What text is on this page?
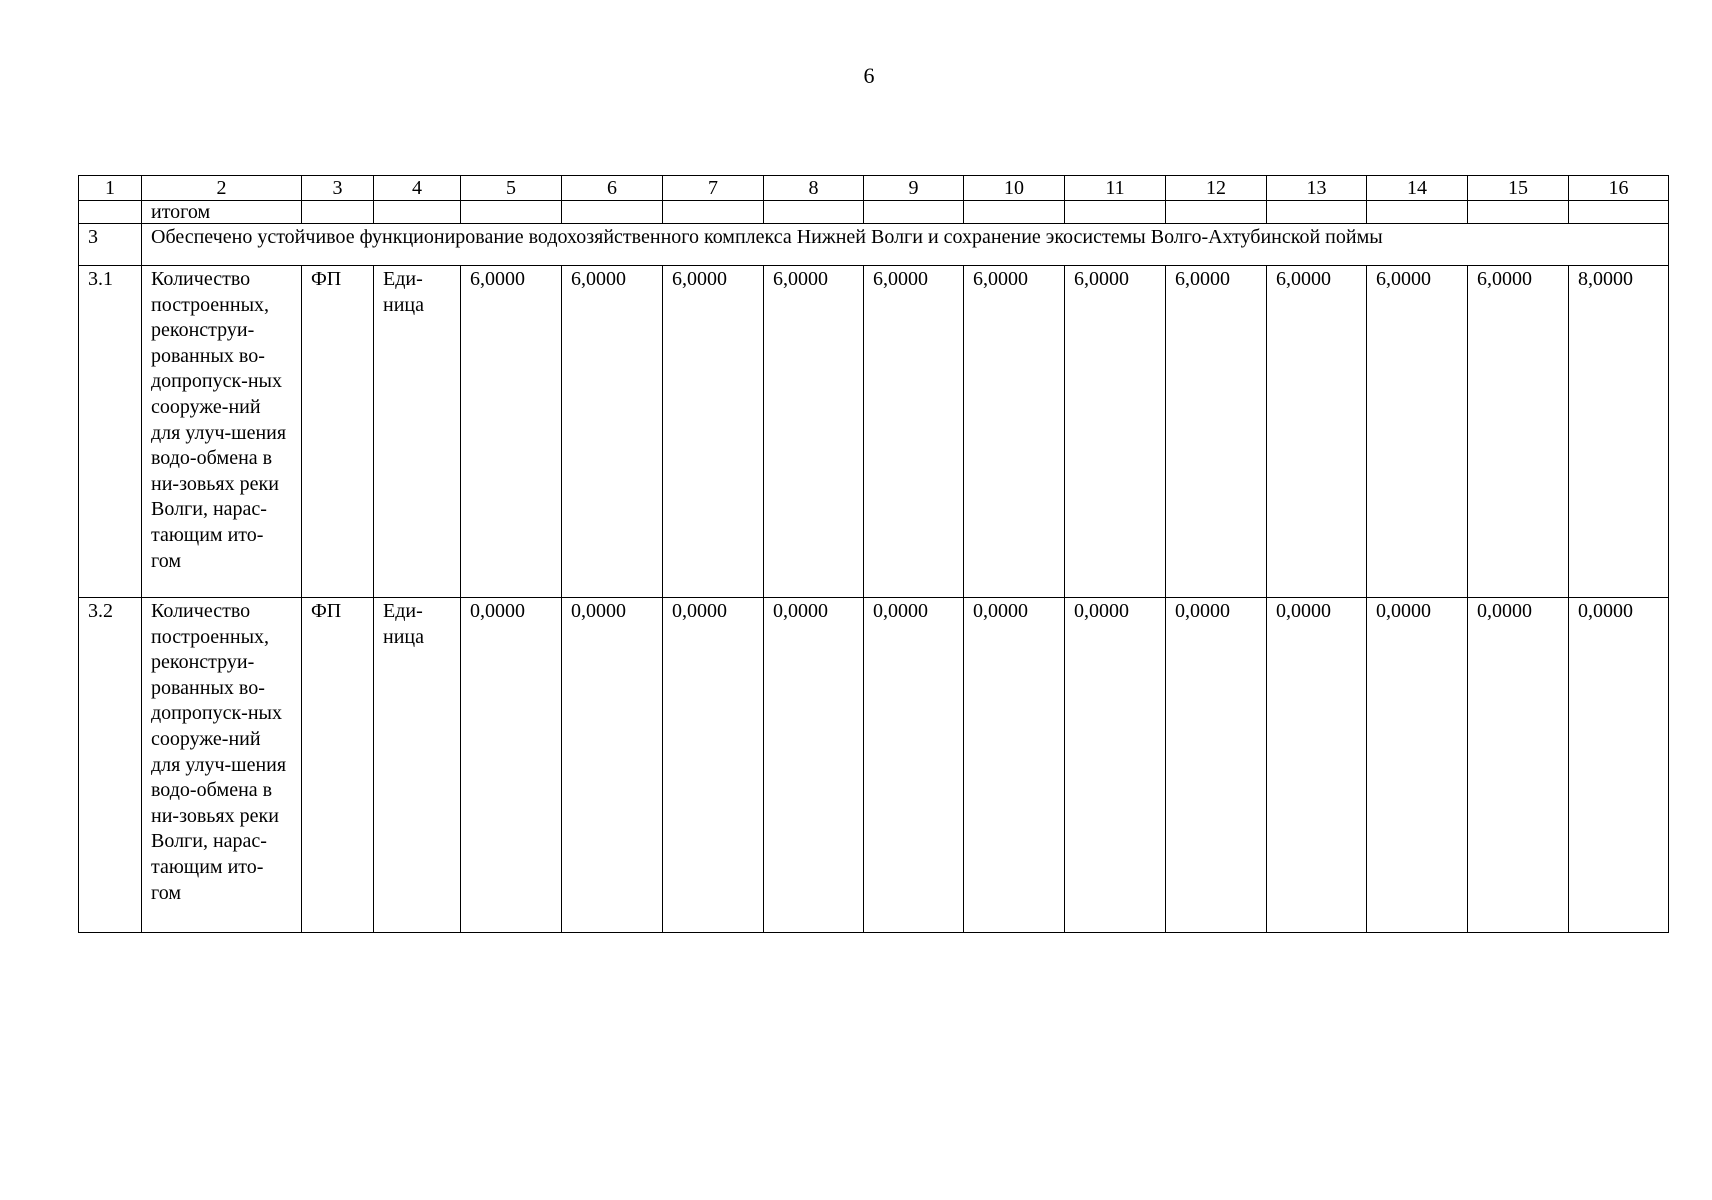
6
1	2	3	4	5	6	7	8	9	10	11	12	13	14	15	16
	итогом														
3	Обеспечено устойчивое функционирование водохозяйственного комплекса Нижней Волги и сохранение экосистемы Волго-Ахтубинской поймы														
3.1	Количество построенных, реконструи-рованных во-допропуск-ных сооруже-ний для улуч-шения водо-обмена в ни-зовьях реки Волги, нарас-тающим ито-гом	ФП	Еди-ница	6,0000	6,0000	6,0000	6,0000	6,0000	6,0000	6,0000	6,0000	6,0000	6,0000	6,0000	8,0000
3.2	Количество построенных, реконструи-рованных во-допропуск-ных сооруже-ний для улуч-шения водо-обмена в ни-зовьях реки Волги, нарас-тающим ито-гом	ФП	Еди-ница	0,0000	0,0000	0,0000	0,0000	0,0000	0,0000	0,0000	0,0000	0,0000	0,0000	0,0000	0,0000
